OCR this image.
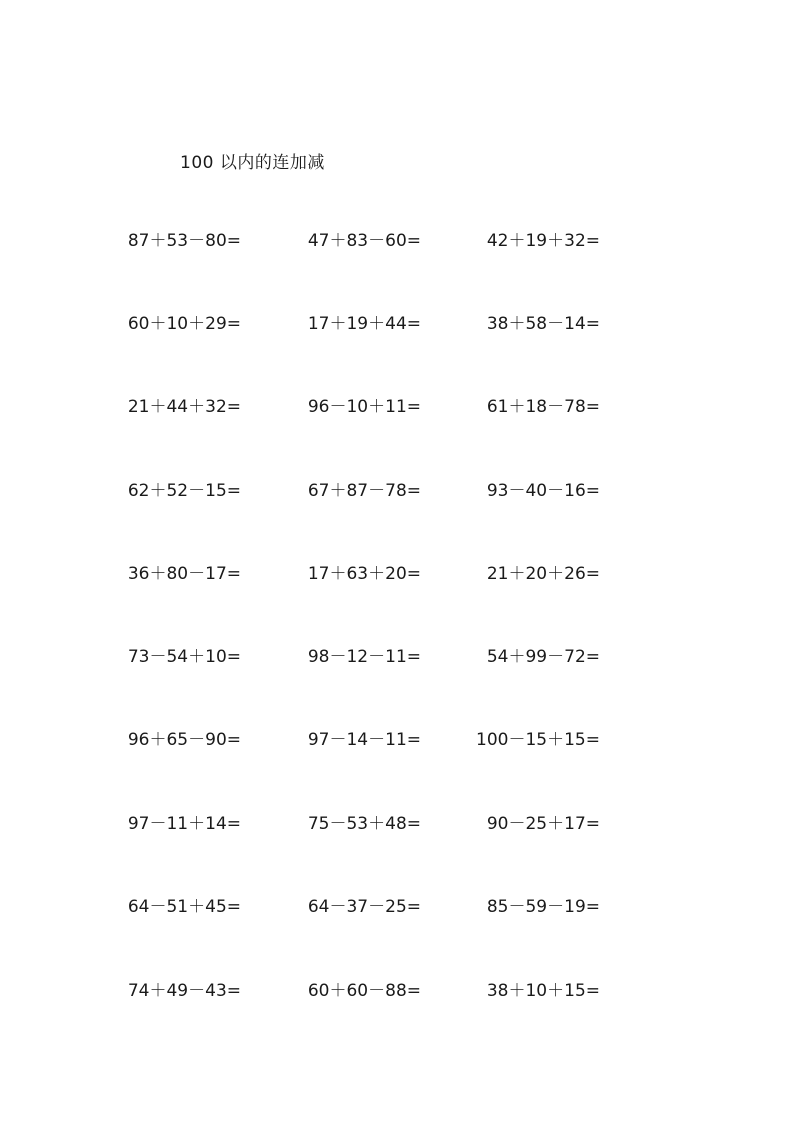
100 以内的连加减
87＋53－80=	47＋83－60=	42＋19＋32=
60＋10＋29=	17＋19＋44=	38＋58－14=
21＋44＋32=	96－10＋11=	61＋18－78=
62＋52－15=	67＋87－78=	93－40－16=
36＋80－17=	17＋63＋20=	21＋20＋26=
73－54＋10=	98－12－11=	54＋99－72=
96＋65－90=	97－14－11=	100－15＋15=
97－11＋14=	75－53＋48=	90－25＋17=
64－51＋45=	64－37－25=	85－59－19=
74＋49－43=	60＋60－88=	38＋10＋15=
